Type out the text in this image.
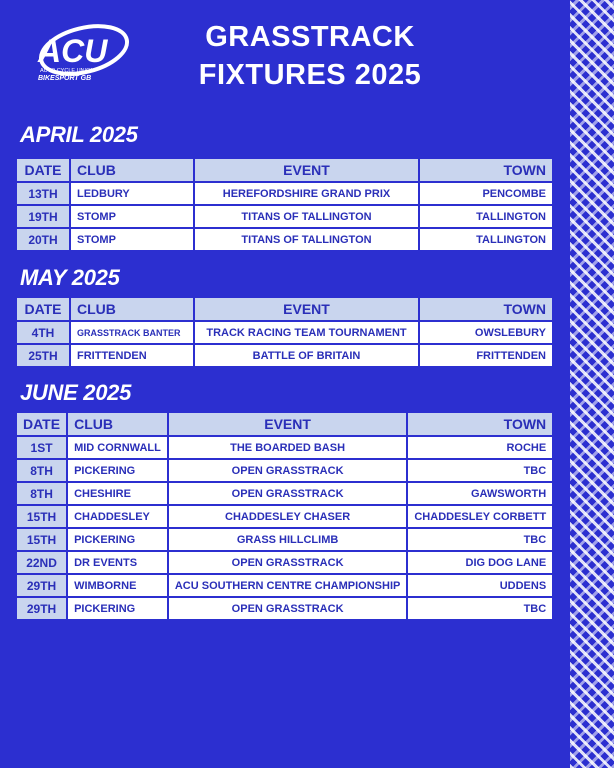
ACU
AUTO CYCLE UNION
BIKESPORT GB
GRASSTRACK
FIXTURES 2025
APRIL 2025
DATE	CLUB	EVENT	TOWN
13TH	LEDBURY	HEREFORDSHIRE GRAND PRIX	PENCOMBE
19TH	STOMP	TITANS OF TALLINGTON	TALLINGTON
20TH	STOMP	TITANS OF TALLINGTON	TALLINGTON
MAY 2025
DATE	CLUB	EVENT	TOWN
4TH	GRASSTRACK BANTER	TRACK RACING TEAM TOURNAMENT	OWSLEBURY
25TH	FRITTENDEN	BATTLE OF BRITAIN	FRITTENDEN
JUNE 2025
DATE	CLUB	EVENT	TOWN
1ST	MID CORNWALL	THE BOARDED BASH	ROCHE
8TH	PICKERING	OPEN GRASSTRACK	TBC
8TH	CHESHIRE	OPEN GRASSTRACK	GAWSWORTH
15TH	CHADDESLEY	CHADDESLEY CHASER	CHADDESLEY CORBETT
15TH	PICKERING	GRASS HILLCLIMB	TBC
22ND	DR EVENTS	OPEN GRASSTRACK	DIG DOG LANE
29TH	WIMBORNE	ACU SOUTHERN CENTRE CHAMPIONSHIP	UDDENS
29TH	PICKERING	OPEN GRASSTRACK	TBC
